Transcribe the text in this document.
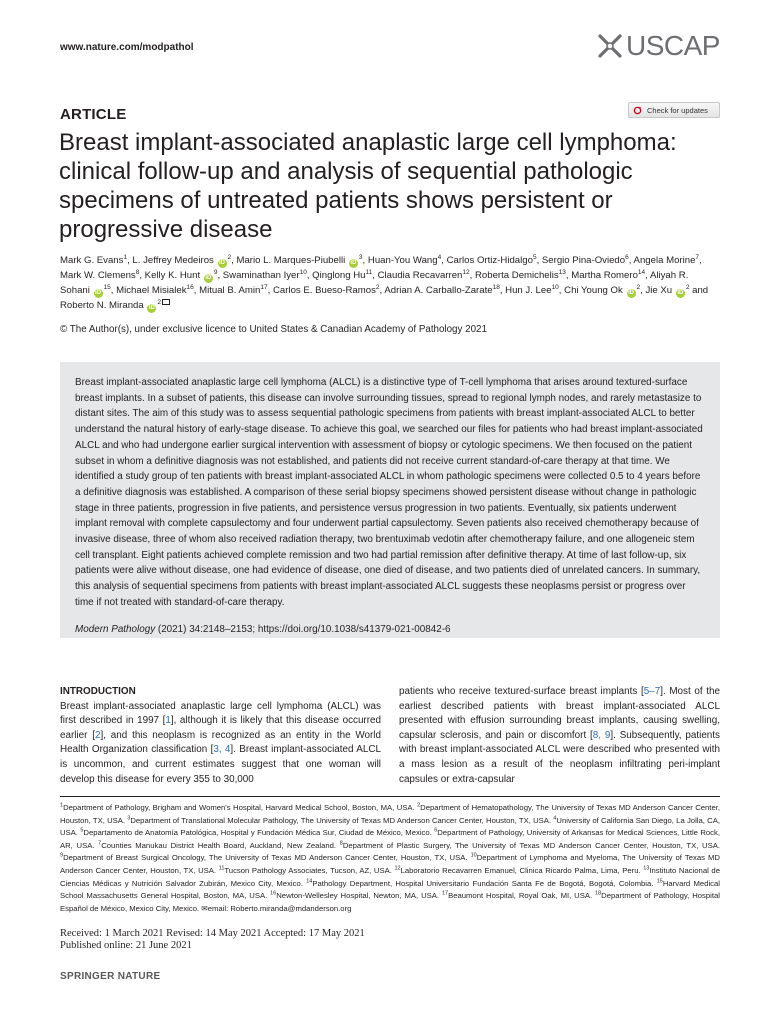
www.nature.com/modpathol	USCAP
ARTICLE	Check for updates
Breast implant-associated anaplastic large cell lymphoma: clinical follow-up and analysis of sequential pathologic specimens of untreated patients shows persistent or progressive disease
Mark G. Evans$^1$, L. Jeffrey Medeiros $iD^2$, Mario L. Marques-Piubelli $iD^3$, Huan-You Wang$^4$, Carlos Ortiz-Hidalgo$^5$, Sergio Pina-Oviedo$^6$, Angela Morine$^7$, Mark W. Clemens$^8$, Kelly K. Hunt $iD^9$, Swaminathan Iyer$^{10}$, Qinglong Hu$^{11}$, Claudia Recavarren$^{12}$, Roberta Demichelis$^{13}$, Martha Romero$^{14}$, Aliyah R. Sohani $iD^{15}$, Michael Misialek$^{16}$, Mitual B. Amin$^{17}$, Carlos E. Bueso-Ramos$^2$, Adrian A. Carballo-Zarate$^{18}$, Hun J. Lee$^{10}$, Chi Young Ok $iD^2$, Jie Xu $iD^2$ and Roberto N. Miranda $iD^2$
© The Author(s), under exclusive licence to United States & Canadian Academy of Pathology 2021

Breast implant-associated anaplastic large cell lymphoma (ALCL) is a distinctive type of T-cell lymphoma that arises around textured-surface breast implants. In a subset of patients, this disease can involve surrounding tissues, spread to regional lymph nodes, and rarely metastasize to distant sites. The aim of this study was to assess sequential pathologic specimens from patients with breast implant-associated ALCL to better understand the natural history of early-stage disease. To achieve this goal, we searched our files for patients who had breast implant-associated ALCL and who had undergone earlier surgical intervention with assessment of biopsy or cytologic specimens. We then focused on the patient subset in whom a definitive diagnosis was not established, and patients did not receive current standard-of-care therapy at that time. We identified a study group of ten patients with breast implant-associated ALCL in whom pathologic specimens were collected 0.5 to 4 years before a definitive diagnosis was established. A comparison of these serial biopsy specimens showed persistent disease without change in pathologic stage in three patients, progression in five patients, and persistence versus progression in two patients. Eventually, six patients underwent implant removal with complete capsulectomy and four underwent partial capsulectomy. Seven patients also received chemotherapy because of invasive disease, three of whom also received radiation therapy, two brentuximab vedotin after chemotherapy failure, and one allogeneic stem cell transplant. Eight patients achieved complete remission and two had partial remission after definitive therapy. At time of last follow-up, six patients were alive without disease, one had evidence of disease, one died of disease, and two patients died of unrelated cancers. In summary, this analysis of sequential specimens from patients with breast implant-associated ALCL suggests these neoplasms persist or progress over time if not treated with standard-of-care therapy.

Modern Pathology (2021) 34:2148–2153; https://doi.org/10.1038/s41379-021-00842-6
INTRODUCTION
Breast implant-associated anaplastic large cell lymphoma (ALCL) was first described in 1997 [1], although it is likely that this disease occurred earlier [2], and this neoplasm is recognized as an entity in the World Health Organization classification [3, 4]. Breast implant-associated ALCL is uncommon, and current estimates suggest that one woman will develop this disease for every 355 to 30,000
patients who receive textured-surface breast implants [5–7]. Most of the earliest described patients with breast implant-associated ALCL presented with effusion surrounding breast implants, causing swelling, capsular sclerosis, and pain or discomfort [8, 9]. Subsequently, patients with breast implant-associated ALCL were described who presented with a mass lesion as a result of the neoplasm infiltrating peri-implant capsules or extra-capsular
$^1$Department of Pathology, Brigham and Women's Hospital, Harvard Medical School, Boston, MA, USA. $^2$Department of Hematopathology, The University of Texas MD Anderson Cancer Center, Houston, TX, USA. $^3$Department of Translational Molecular Pathology, The University of Texas MD Anderson Cancer Center, Houston, TX, USA. $^4$University of California San Diego, La Jolla, CA, USA. $^5$Departamento de Anatomía Patológica, Hospital y Fundación Médica Sur, Ciudad de México, Mexico. $^6$Department of Pathology, University of Arkansas for Medical Sciences, Little Rock, AR, USA. $^7$Counties Manukau District Health Board, Auckland, New Zealand. $^8$Department of Plastic Surgery, The University of Texas MD Anderson Cancer Center, Houston, TX, USA. $^9$Department of Breast Surgical Oncology, The University of Texas MD Anderson Cancer Center, Houston, TX, USA. $^{10}$Department of Lymphoma and Myeloma, The University of Texas MD Anderson Cancer Center, Houston, TX, USA. $^{11}$Tucson Pathology Associates, Tucson, AZ, USA. $^{12}$Laboratorio Recavarren Emanuel, Clinica Ricardo Palma, Lima, Peru. $^{13}$Instituto Nacional de Ciencias Médicas y Nutrición Salvador Zubirán, Mexico City, Mexico. $^{14}$Pathology Department, Hospital Universitario Fundación Santa Fe de Bogotá, Bogotá, Colombia. $^{15}$Harvard Medical School Massachusetts General Hospital, Boston, MA, USA. $^{16}$Newton-Wellesley Hospital, Newton, MA, USA. $^{17}$Beaumont Hospital, Royal Oak, MI, USA. $^{18}$Department of Pathology, Hospital Español de México, Mexico City, Mexico. ✉email: Roberto.miranda@mdanderson.org
Received: 1 March 2021 Revised: 14 May 2021 Accepted: 17 May 2021
Published online: 21 June 2021
SPRINGER NATURE
